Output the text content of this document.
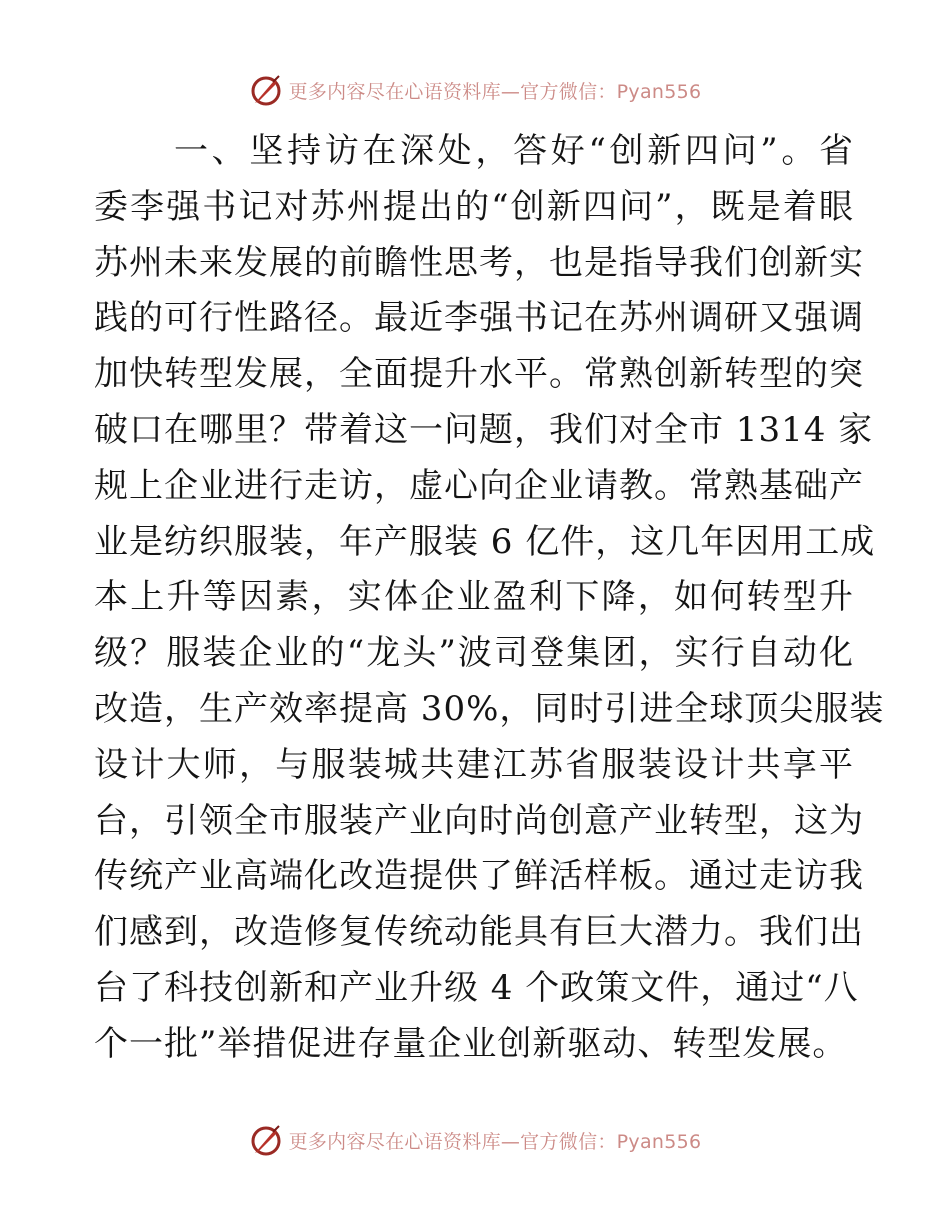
更多内容尽在心语资料库—官方微信：Pyan556
一、坚持访在深处，答好“创新四问”。省
委李强书记对苏州提出的“创新四问”，既是着眼
苏州未来发展的前瞻性思考，也是指导我们创新实
践的可行性路径。最近李强书记在苏州调研又强调
加快转型发展，全面提升水平。常熟创新转型的突
破口在哪里？带着这一问题，我们对全市 1314 家
规上企业进行走访，虚心向企业请教。常熟基础产
业是纺织服装，年产服装 6 亿件，这几年因用工成
本上升等因素，实体企业盈利下降，如何转型升
级？服装企业的“龙头”波司登集团，实行自动化
改造，生产效率提高 30%，同时引进全球顶尖服装
设计大师，与服装城共建江苏省服装设计共享平
台，引领全市服装产业向时尚创意产业转型，这为
传统产业高端化改造提供了鲜活样板。通过走访我
们感到，改造修复传统动能具有巨大潜力。我们出
台了科技创新和产业升级 4 个政策文件，通过“八
个一批”举措促进存量企业创新驱动、转型发展。
更多内容尽在心语资料库—官方微信：Pyan556
